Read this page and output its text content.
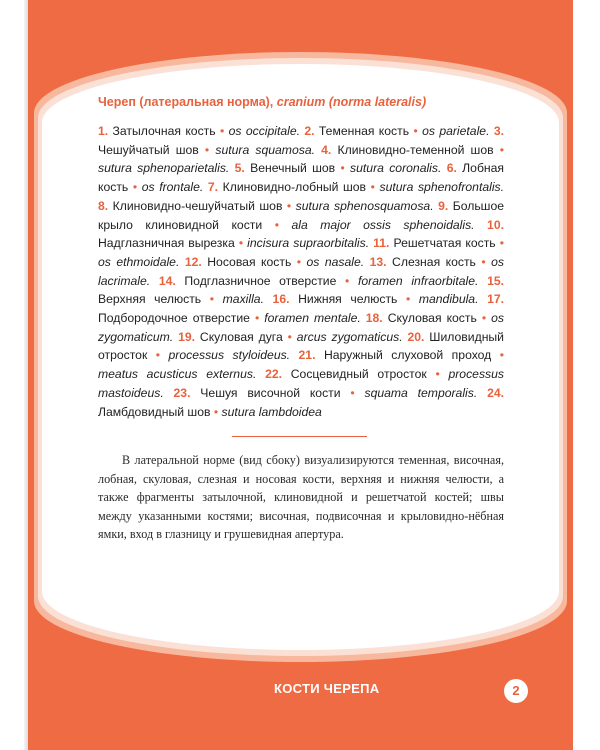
КОСТИ ЧЕРЕПА	2
Череп (латеральная норма), cranium (norma lateralis)

1. Затылочная кость • os occipitale. 2. Теменная кость • os parietale. 3. Чешуйчатый шов • sutura squamosa. 4. Клиновидно-теменной шов • sutura sphenoparietalis. 5. Венечный шов • sutura coronalis. 6. Лобная кость • os frontale. 7. Клиновидно-лобный шов • sutura sphenofrontalis. 8. Клиновидно-чешуйчатый шов • sutura sphenosquamosa. 9. Большое крыло клиновидной кости • ala major ossis sphenoidalis. 10. Надглазничная вырезка • incisura supraorbitalis. 11. Решетчатая кость • os ethmoidale. 12. Носовая кость • os nasale. 13. Слезная кость • os lacrimale. 14. Подглазничное отверстие • foramen infraorbitale. 15. Верхняя челюсть • maxilla. 16. Нижняя челюсть • mandibula. 17. Подбородочное отверстие • foramen mentale. 18. Скуловая кость • os zygomaticum. 19. Скуловая дуга • arcus zygomaticus. 20. Шиловидный отросток • processus styloideus. 21. Наружный слуховой проход • meatus acusticus externus. 22. Сосцевидный отросток • processus mastoideus. 23. Чешуя височной кости • squama temporalis. 24. Ламбдовидный шов • sutura lambdoidea

В латеральной норме (вид сбоку) визуализируются теменная, височная, лобная, скуловая, слезная и носовая кости, верхняя и нижняя челюсти, а также фрагменты затылочной, клиновидной и решетчатой костей; швы между указанными костями; височная, подвисочная и крыловидно-нёбная ямки, вход в глазницу и грушевидная апертура.
